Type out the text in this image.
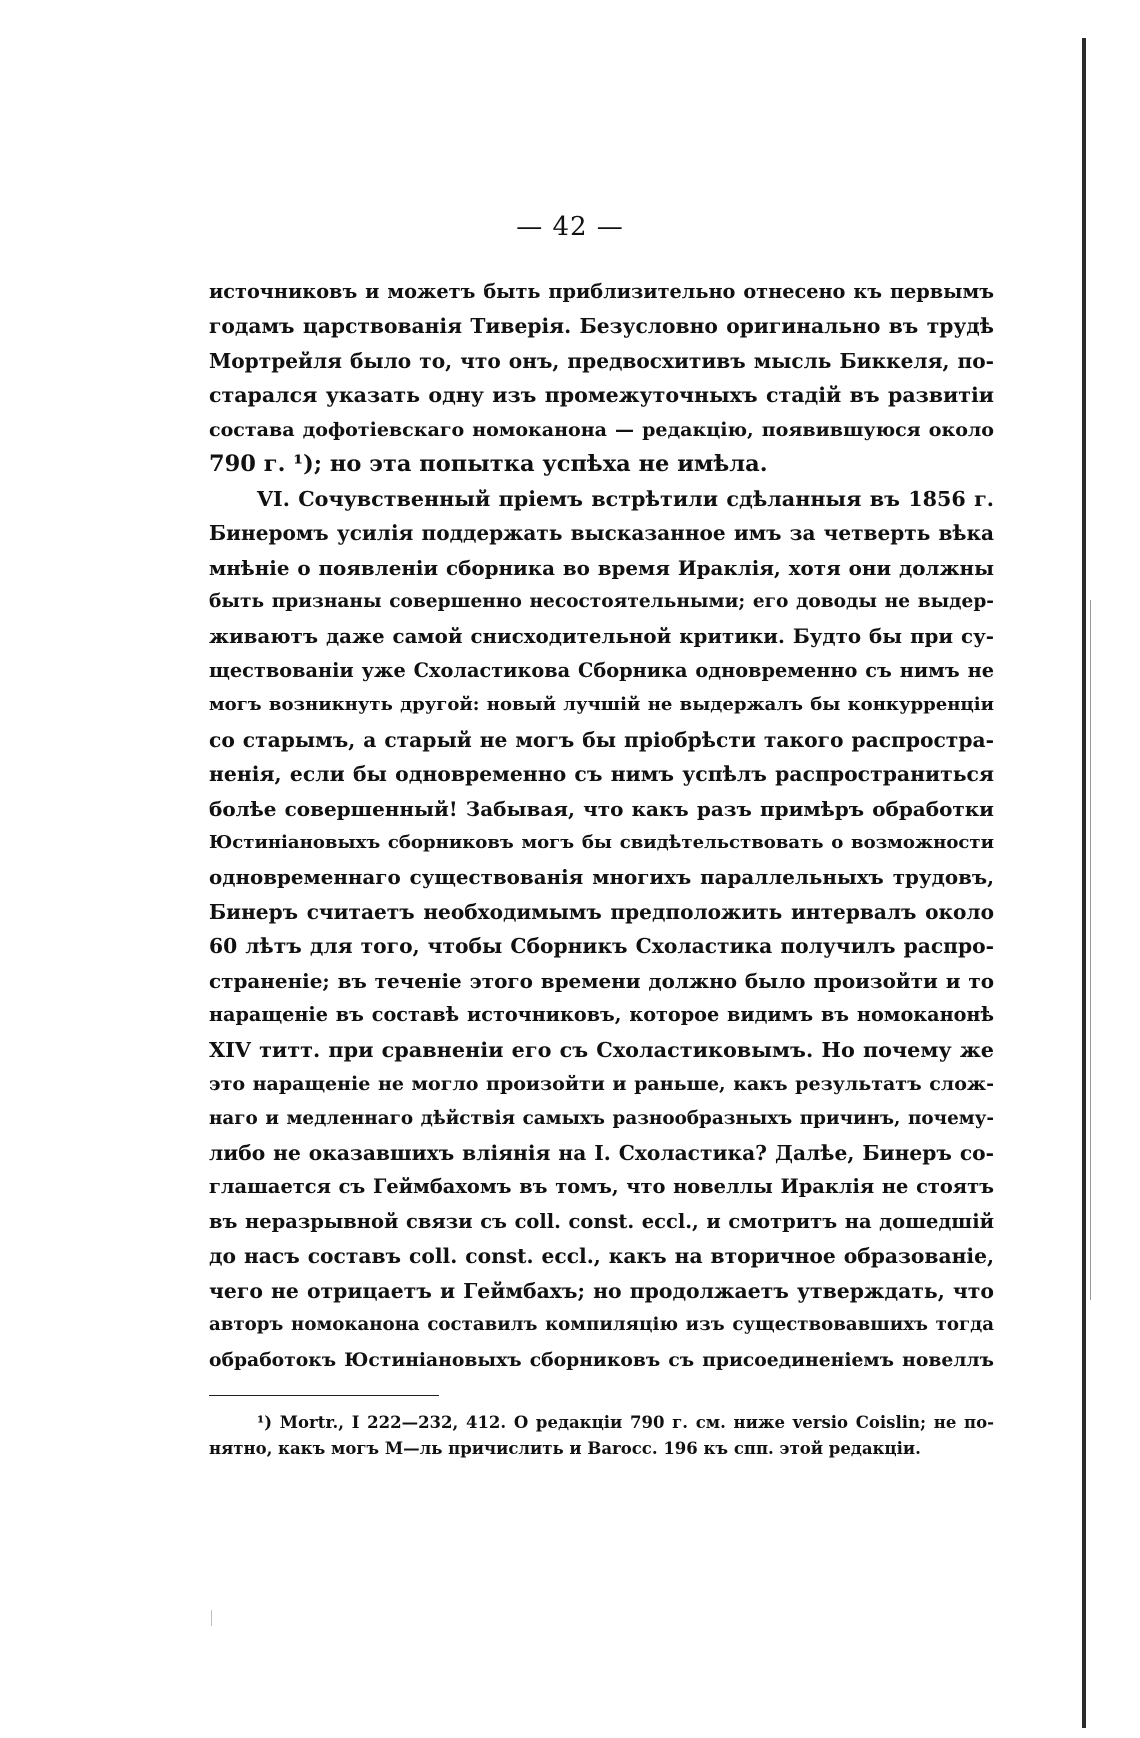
— 42 —
источниковъ и можетъ быть приблизительно отнесено къ первымъ
годамъ царствованія Тиверія. Безусловно оригинально въ трудѣ
Мортрейля было то, что онъ, предвосхитивъ мысль Биккеля, по-
старался указать одну изъ промежуточныхъ стадій въ развитіи
состава дофотіевскаго номоканона — редакцію, появившуюся около
790 г. ¹); но эта попытка успѣха не имѣла.
VI. Сочувственный пріемъ встрѣтили сдѣланныя въ 1856 г.
Бинеромъ усилія поддержать высказанное имъ за четверть вѣка
мнѣніе о появленіи сборника во время Ираклія, хотя они должны
быть признаны совершенно несостоятельными; его доводы не выдер-
живаютъ даже самой снисходительной критики. Будто бы при су-
ществованіи уже Схоластикова Сборника одновременно съ нимъ не
могъ возникнуть другой: новый лучшій не выдержалъ бы конкурренціи
со старымъ, а старый не могъ бы пріобрѣсти такого распростра-
ненія, если бы одновременно съ нимъ успѣлъ распространиться
болѣе совершенный! Забывая, что какъ разъ примѣръ обработки
Юстиніановыхъ сборниковъ могъ бы свидѣтельствовать о возможности
одновременнаго существованія многихъ параллельныхъ трудовъ,
Бинеръ считаетъ необходимымъ предположить интервалъ около
60 лѣтъ для того, чтобы Сборникъ Схоластика получилъ распро-
страненіе; въ теченіе этого времени должно было произойти и то
наращеніе въ составѣ источниковъ, которое видимъ въ номоканонѣ
XIV титт. при сравненіи его съ Схоластиковымъ. Но почему же
это наращеніе не могло произойти и раньше, какъ результатъ слож-
наго и медленнаго дѣйствія самыхъ разнообразныхъ причинъ, почему-
либо не оказавшихъ вліянія на I. Схоластика? Далѣе, Бинеръ со-
глашается съ Геймбахомъ въ томъ, что новеллы Ираклія не стоятъ
въ неразрывной связи съ coll. const. eccl., и смотритъ на дошедшій
до насъ составъ coll. const. eccl., какъ на вторичное образованіе,
чего не отрицаетъ и Геймбахъ; но продолжаетъ утверждать, что
авторъ номоканона составилъ компиляцію изъ существовавшихъ тогда
обработокъ Юстиніановыхъ сборниковъ съ присоединеніемъ новеллъ
¹) Mortr., I 222—232, 412. О редакціи 790 г. см. ниже versio Coislin; не по-
нятно, какъ могъ М—ль причислить и Barocc. 196 къ спп. этой редакціи.
